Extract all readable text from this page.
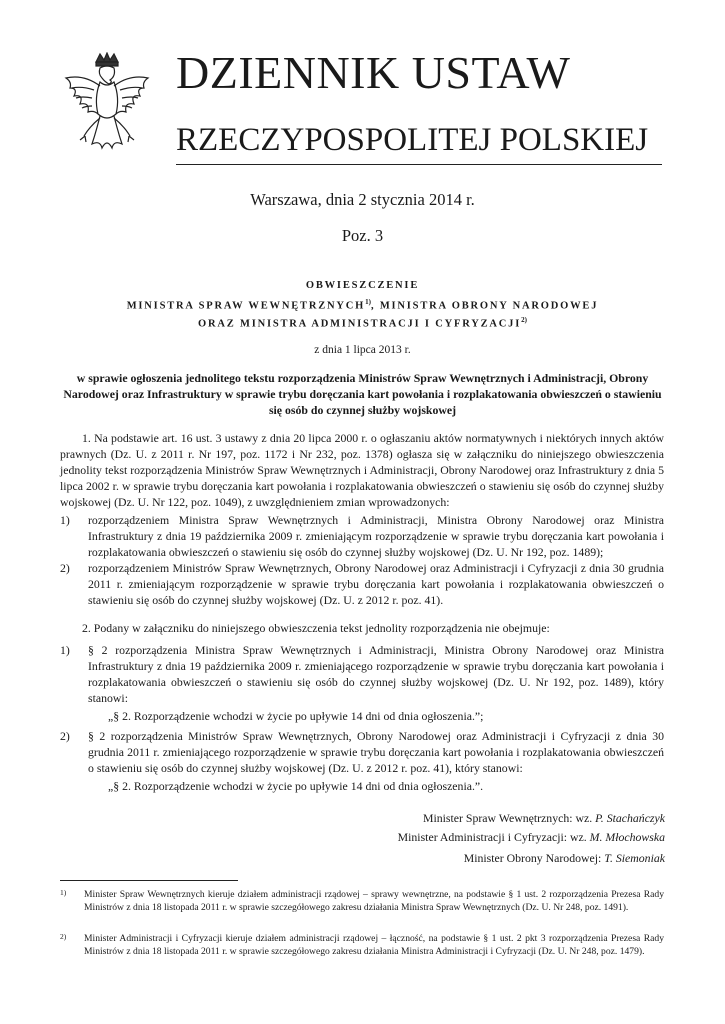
DZIENNIK USTAW
RZECZYPOSPOLITEJ POLSKIEJ
Warszawa, dnia 2 stycznia 2014 r.
Poz. 3
OBWIESZCZENIE
MINISTRA SPRAW WEWNĘTRZNYCH$^{1)}$, MINISTRA OBRONY NARODOWEJ
ORAZ MINISTRA ADMINISTRACJI I CYFRYZACJI$^{2)}$
z dnia 1 lipca 2013 r.
w sprawie ogłoszenia jednolitego tekstu rozporządzenia Ministrów Spraw Wewnętrznych i Administracji, Obrony Narodowej oraz Infrastruktury w sprawie trybu doręczania kart powołania i rozplakatowania obwieszczeń o stawieniu się osób do czynnej służby wojskowej
1. Na podstawie art. 16 ust. 3 ustawy z dnia 20 lipca 2000 r. o ogłaszaniu aktów normatywnych i niektórych innych aktów prawnych (Dz. U. z 2011 r. Nr 197, poz. 1172 i Nr 232, poz. 1378) ogłasza się w załączniku do niniejszego obwieszczenia jednolity tekst rozporządzenia Ministrów Spraw Wewnętrznych i Administracji, Obrony Narodowej oraz Infrastruktury z dnia 5 lipca 2002 r. w sprawie trybu doręczania kart powołania i rozplakatowania obwieszczeń o stawieniu się osób do czynnej służby wojskowej (Dz. U. Nr 122, poz. 1049), z uwzględnieniem zmian wprowadzonych:
1) rozporządzeniem Ministra Spraw Wewnętrznych i Administracji, Ministra Obrony Narodowej oraz Ministra Infrastruktury z dnia 19 października 2009 r. zmieniającym rozporządzenie w sprawie trybu doręczania kart powołania i rozplakatowania obwieszczeń o stawieniu się osób do czynnej służby wojskowej (Dz. U. Nr 192, poz. 1489);
2) rozporządzeniem Ministrów Spraw Wewnętrznych, Obrony Narodowej oraz Administracji i Cyfryzacji z dnia 30 grudnia 2011 r. zmieniającym rozporządzenie w sprawie trybu doręczania kart powołania i rozplakatowania obwieszczeń o stawieniu się osób do czynnej służby wojskowej (Dz. U. z 2012 r. poz. 41).
2. Podany w załączniku do niniejszego obwieszczenia tekst jednolity rozporządzenia nie obejmuje:
1) § 2 rozporządzenia Ministra Spraw Wewnętrznych i Administracji, Ministra Obrony Narodowej oraz Ministra Infrastruktury z dnia 19 października 2009 r. zmieniającego rozporządzenie w sprawie trybu doręczania kart powołania i rozplakatowania obwieszczeń o stawieniu się osób do czynnej służby wojskowej (Dz. U. Nr 192, poz. 1489), który stanowi:
„§ 2. Rozporządzenie wchodzi w życie po upływie 14 dni od dnia ogłoszenia.”;
2) § 2 rozporządzenia Ministrów Spraw Wewnętrznych, Obrony Narodowej oraz Administracji i Cyfryzacji z dnia 30 grudnia 2011 r. zmieniającego rozporządzenie w sprawie trybu doręczania kart powołania i rozplakatowania obwieszczeń o stawieniu się osób do czynnej służby wojskowej (Dz. U. z 2012 r. poz. 41), który stanowi:
„§ 2. Rozporządzenie wchodzi w życie po upływie 14 dni od dnia ogłoszenia.”.
Minister Spraw Wewnętrznych: wz. P. Stachańczyk
Minister Administracji i Cyfryzacji: wz. M. Młochowska
Minister Obrony Narodowej: T. Siemoniak
1) Minister Spraw Wewnętrznych kieruje działem administracji rządowej – sprawy wewnętrzne, na podstawie § 1 ust. 2 rozporządzenia Prezesa Rady Ministrów z dnia 18 listopada 2011 r. w sprawie szczegółowego zakresu działania Ministra Spraw Wewnętrznych (Dz. U. Nr 248, poz. 1491).
2) Minister Administracji i Cyfryzacji kieruje działem administracji rządowej – łączność, na podstawie § 1 ust. 2 pkt 3 rozporządzenia Prezesa Rady Ministrów z dnia 18 listopada 2011 r. w sprawie szczegółowego zakresu działania Ministra Administracji i Cyfryzacji (Dz. U. Nr 248, poz. 1479).
